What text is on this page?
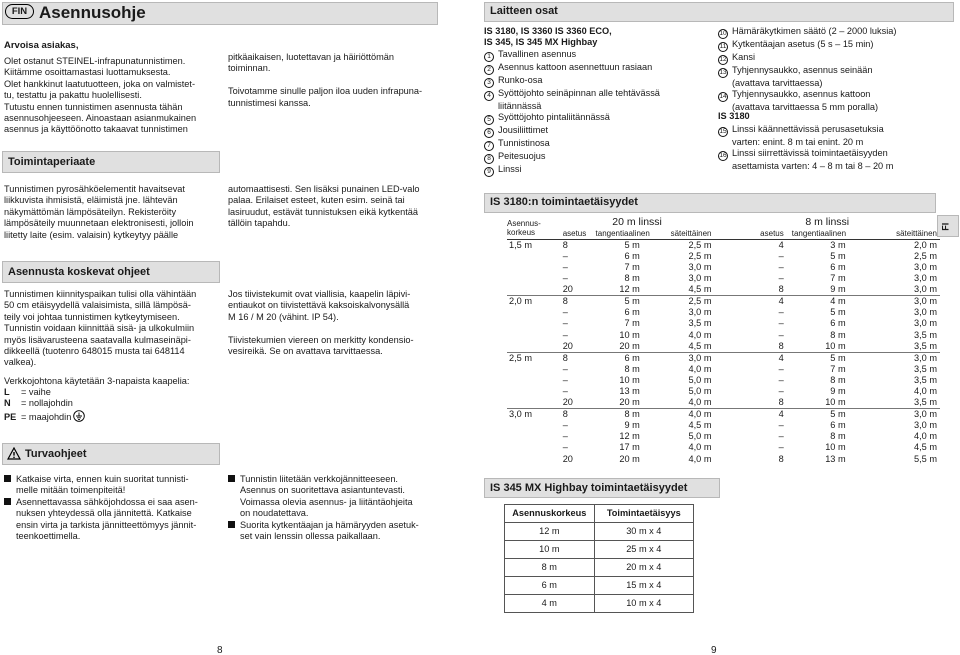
FIN Asennusohje
Arvoisa asiakas,
Olet ostanut STEINEL-infrapunatunnistimen.
Kiitämme osoittamastasi luottamuksesta.
Olet hankkinut laatutuotteen, joka on valmistet-
tu, testattu ja pakattu huolellisesti.
Tutustu ennen tunnistimen asennusta tähän
asennusohjeeseen. Ainoastaan asianmukainen
asennus ja käyttöönotto takaavat tunnistimen
pitkäaikaisen, luotettavan ja häiriöttömän
toiminnan.

Toivotamme sinulle paljon iloa uuden infrapuna-
tunnistimesi kanssa.
Toimintaperiaate
Tunnistimen pyrosähköelementit havaitsevat
liikkuvista ihmisistä, eläimistä jne. lähtevän
näkymättömän lämpösäteilyn. Rekisteröity
lämpösäteily muunnetaan elektronisesti, jolloin
liitetty laite (esim. valaisin) kytkeytyy päälle
automaattisesti. Sen lisäksi punainen LED-valo
palaa. Erilaiset esteet, kuten esim. seinä tai
lasiruudut, estävät tunnistuksen eikä kytkentää
tällöin tapahdu.
Asennusta koskevat ohjeet
Tunnistimen kiinnityspaikan tulisi olla vähintään
50 cm etäisyydellä valaisimista, sillä lämpösä-
teily voi johtaa tunnistimen kytkeytymiseen.
Tunnistin voidaan kiinnittää sisä- ja ulkokulmiin
myös lisävarusteena saatavalla kulmaseinäpi-
dikkeellä (tuotenro 648015 musta tai 648114
valkea).
Jos tiivistekumit ovat viallisia, kaapelin läpivi-
entiaukot on tiivistettävä kaksoiskalvonysällä
M 16 / M 20 (vähint. IP 54).

Tiivistekumien viereen on merkitty kondensio-
vesireikä. Se on avattava tarvittaessa.
Verkkojohtona käytetään 3-napaista kaapelia:
L = vaihe
N = nollajohdin
PE = maajohdin
Turvaohjeet
Katkaise virta, ennen kuin suoritat tunnisti-
melle mitään toimenpiteitä!
Asennettavassa sähköjohdossa ei saa asen-
nuksen yhteydessä olla jännitettä. Katkaise
ensin virta ja tarkista jännitteettömyys jännit-
teenkoettimella.
Tunnistin liitetään verkkojännitteeseen.
Asennus on suoritettava asiantuntevasti.
Voimassa olevia asennus- ja liitäntäohjeita
on noudatettava.
Suorita kytkentäajan ja hämäryyden asetuk-
set vain lenssin ollessa paikallaan.
8
Laitteen osat
IS 3180, IS 3360 IS 3360 ECO,
IS 345, IS 345 MX Highbay
1 Tavallinen asennus
2 Asennus kattoon asennettuun rasiaan
3 Runko-osa
4 Syöttöjohto seinäpinnan alle tehtävässä
liitännässä
5 Syöttöjohto pintaliitännässä
6 Jousiliittimet
7 Tunnistinosa
8 Peitesuojus
9 Linssi
10 Hämäräkytkimen säätö (2 – 2000 luksia)
11 Kytkentäajan asetus (5 s – 15 min)
12 Kansi
13 Tyhjennysaukko, asennus seinään
(avattava tarvittaessa)
14 Tyhjennysaukko, asennus kattoon
(avattava tarvittaessa 5 mm poralla)
IS 3180
15 Linssi käännettävissä perusasetuksia
varten: enint. 8 m tai enint. 20 m
16 Linssi siirrettävissä toimintaetäisyyden
asettamista varten: 4 – 8 m tai 8 – 20 m
IS 3180:n toimintaetäisyydet
FI
Asennus-
korkeus	20 m linssi			8 m linssi		
	asetus	tangentiaalinen	säteittäinen	asetus	tangentiaalinen	säteittäinen
1,5 m	8	5 m	2,5 m	4	3 m	2,0 m
	–	6 m	2,5 m	–	5 m	2,5 m
	–	7 m	3,0 m	–	6 m	3,0 m
	–	8 m	3,0 m	–	7 m	3,0 m
	20	12 m	4,5 m	8	9 m	3,0 m
2,0 m	8	5 m	2,5 m	4	4 m	3,0 m
	–	6 m	3,0 m	–	5 m	3,0 m
	–	7 m	3,5 m	–	6 m	3,0 m
	–	10 m	4,0 m	–	8 m	3,5 m
	20	20 m	4,5 m	8	10 m	3,5 m
2,5 m	8	6 m	3,0 m	4	5 m	3,0 m
	–	8 m	4,0 m	–	7 m	3,5 m
	–	10 m	5,0 m	–	8 m	3,5 m
	–	13 m	5,0 m	–	9 m	4,0 m
	20	20 m	4,0 m	8	10 m	3,5 m
3,0 m	8	8 m	4,0 m	4	5 m	3,0 m
	–	9 m	4,5 m	–	6 m	3,0 m
	–	12 m	5,0 m	–	8 m	4,0 m
	–	17 m	4,0 m	–	10 m	4,5 m
	20	20 m	4,0 m	8	13 m	5,5 m
IS 345 MX Highbay toimintaetäisyydet
Asennuskorkeus	Toimintaetäisyys
12 m	30 m x 4
10 m	25 m x 4
8 m	20 m x 4
6 m	15 m x 4
4 m	10 m x 4
9
